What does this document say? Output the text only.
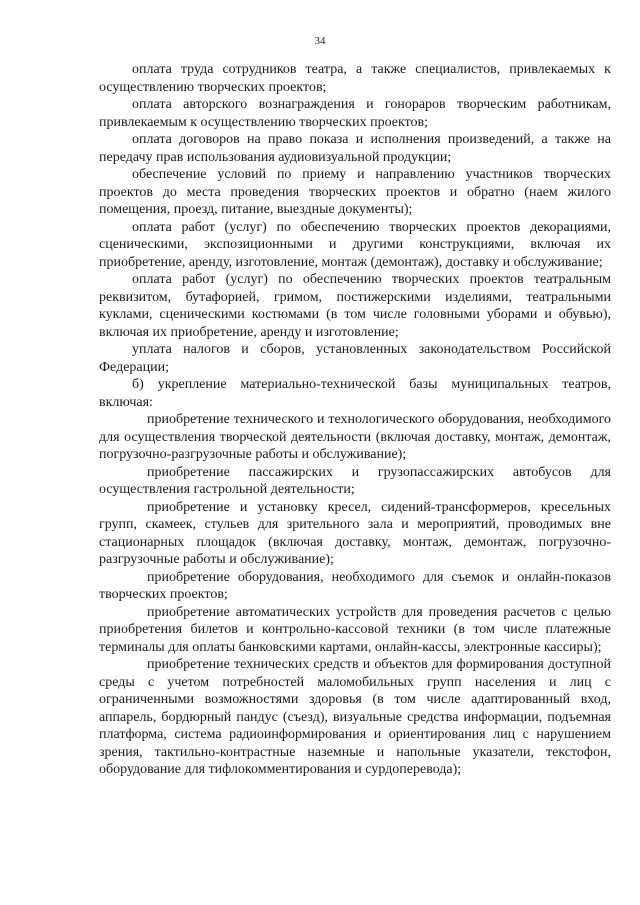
34

оплата труда сотрудников театра, а также специалистов, привлекаемых к осуществлению творческих проектов;

оплата авторского вознаграждения и гонораров творческим работникам, привлекаемым к осуществлению творческих проектов;

оплата договоров на право показа и исполнения произведений, а также на передачу прав использования аудиовизуальной продукции;

обеспечение условий по приему и направлению участников творческих проектов до места проведения творческих проектов и обратно (наем жилого помещения, проезд, питание, выездные документы);

оплата работ (услуг) по обеспечению творческих проектов декорациями, сценическими, экспозиционными и другими конструкциями, включая их приобретение, аренду, изготовление, монтаж (демонтаж), доставку и обслуживание;

оплата работ (услуг) по обеспечению творческих проектов театральным реквизитом, бутафорией, гримом, постижерскими изделиями, театральными куклами, сценическими костюмами (в том числе головными уборами и обувью), включая их приобретение, аренду и изготовление;

уплата налогов и сборов, установленных законодательством Российской Федерации;

б) укрепление материально-технической базы муниципальных театров, включая:

приобретение технического и технологического оборудования, необходимого для осуществления творческой деятельности (включая доставку, монтаж, демонтаж, погрузочно-разгрузочные работы и обслуживание);

приобретение пассажирских и грузопассажирских автобусов для осуществления гастрольной деятельности;

приобретение и установку кресел, сидений-трансформеров, кресельных групп, скамеек, стульев для зрительного зала и мероприятий, проводимых вне стационарных площадок (включая доставку, монтаж, демонтаж, погрузочно-разгрузочные работы и обслуживание);

приобретение оборудования, необходимого для съемок и онлайн-показов творческих проектов;

приобретение автоматических устройств для проведения расчетов с целью приобретения билетов и контрольно-кассовой техники (в том числе платежные терминалы для оплаты банковскими картами, онлайн-кассы, электронные кассиры);

приобретение технических средств и объектов для формирования доступной среды с учетом потребностей маломобильных групп населения и лиц с ограниченными возможностями здоровья (в том числе адаптированный вход, аппарель, бордюрный пандус (съезд), визуальные средства информации, подъемная платформа, система радиоинформирования и ориентирования лиц с нарушением зрения, тактильно-контрастные наземные и напольные указатели, текстофон, оборудование для тифлокомментирования и сурдоперевода);
